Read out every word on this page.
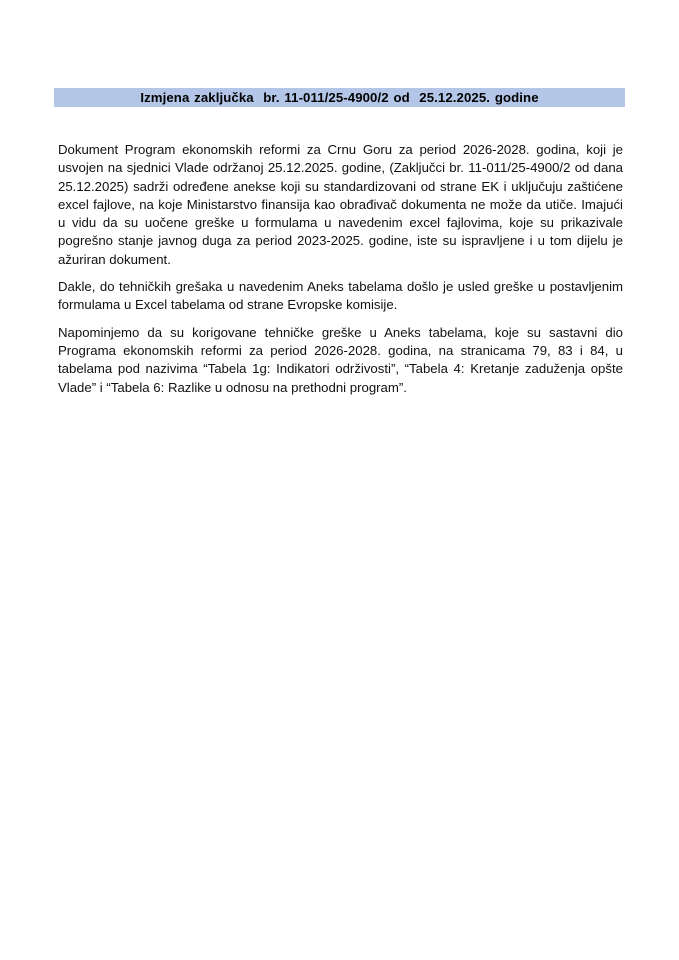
Izmjena zaključka  br. 11-011/25-4900/2 od  25.12.2025. godine

Dokument Program ekonomskih reformi za Crnu Goru za period 2026-2028. godina, koji je usvojen na sjednici Vlade održanoj 25.12.2025. godine, (Zaključci br. 11-011/25-4900/2 od dana 25.12.2025) sadrži određene anekse koji su standardizovani od strane EK i uključuju zaštićene excel fajlove, na koje Ministarstvo finansija kao obrađivač dokumenta ne može da utiče. Imajući u vidu da su uočene greške u formulama u navedenim excel fajlovima, koje su prikazivale pogrešno stanje javnog duga za period 2023-2025. godine, iste su ispravljene i u tom dijelu je ažuriran dokument.

Dakle, do tehničkih grešaka u navedenim Aneks tabelama došlo je usled greške u postavljenim formulama u Excel tabelama od strane Evropske komisije.

Napominjemo da su korigovane tehničke greške u Aneks tabelama, koje su sastavni dio Programa ekonomskih reformi za period 2026-2028. godina, na stranicama 79, 83 i 84, u tabelama pod nazivima “Tabela 1g: Indikatori održivosti”, “Tabela 4: Kretanje zaduženja opšte Vlade” i “Tabela 6: Razlike u odnosu na prethodni program”.
